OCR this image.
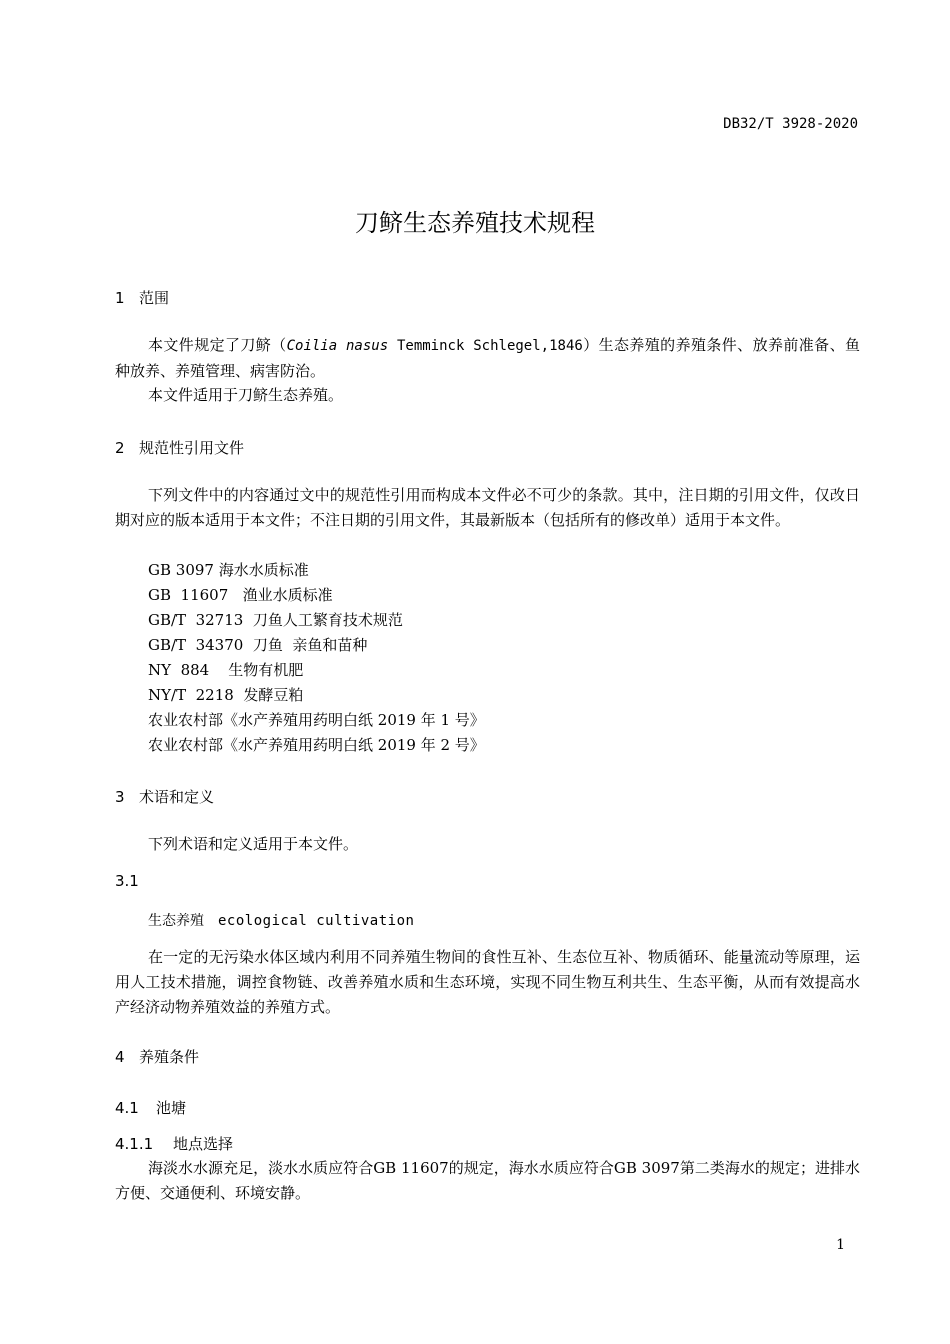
DB32/T 3928-2020
刀鲚生态养殖技术规程
1 范围
本文件规定了刀鲚（Coilia nasus Temminck Schlegel,1846）生态养殖的养殖条件、放养前准备、鱼种放养、养殖管理、病害防治。
本文件适用于刀鲚生态养殖。
2 规范性引用文件
下列文件中的内容通过文中的规范性引用而构成本文件必不可少的条款。其中，注日期的引用文件，仅改日期对应的版本适用于本文件；不注日期的引用文件，其最新版本（包括所有的修改单）适用于本文件。
GB 3097 海水水质标准
GB  11607   渔业水质标准
GB/T  32713  刀鱼人工繁育技术规范
GB/T  34370  刀鱼  亲鱼和苗种
NY  884    生物有机肥
NY/T  2218  发酵豆粕
农业农村部《水产养殖用药明白纸 2019 年 1 号》
农业农村部《水产养殖用药明白纸 2019 年 2 号》
3 术语和定义
下列术语和定义适用于本文件。
3.1
生态养殖 ecological cultivation
在一定的无污染水体区域内利用不同养殖生物间的食性互补、生态位互补、物质循环、能量流动等原理，运用人工技术措施，调控食物链、改善养殖水质和生态环境，实现不同生物互利共生、生态平衡，从而有效提高水产经济动物养殖效益的养殖方式。
4 养殖条件
4.1 池塘
4.1.1 地点选择
海淡水水源充足，淡水水质应符合GB 11607的规定，海水水质应符合GB 3097第二类海水的规定；进排水方便、交通便利、环境安静。
1
